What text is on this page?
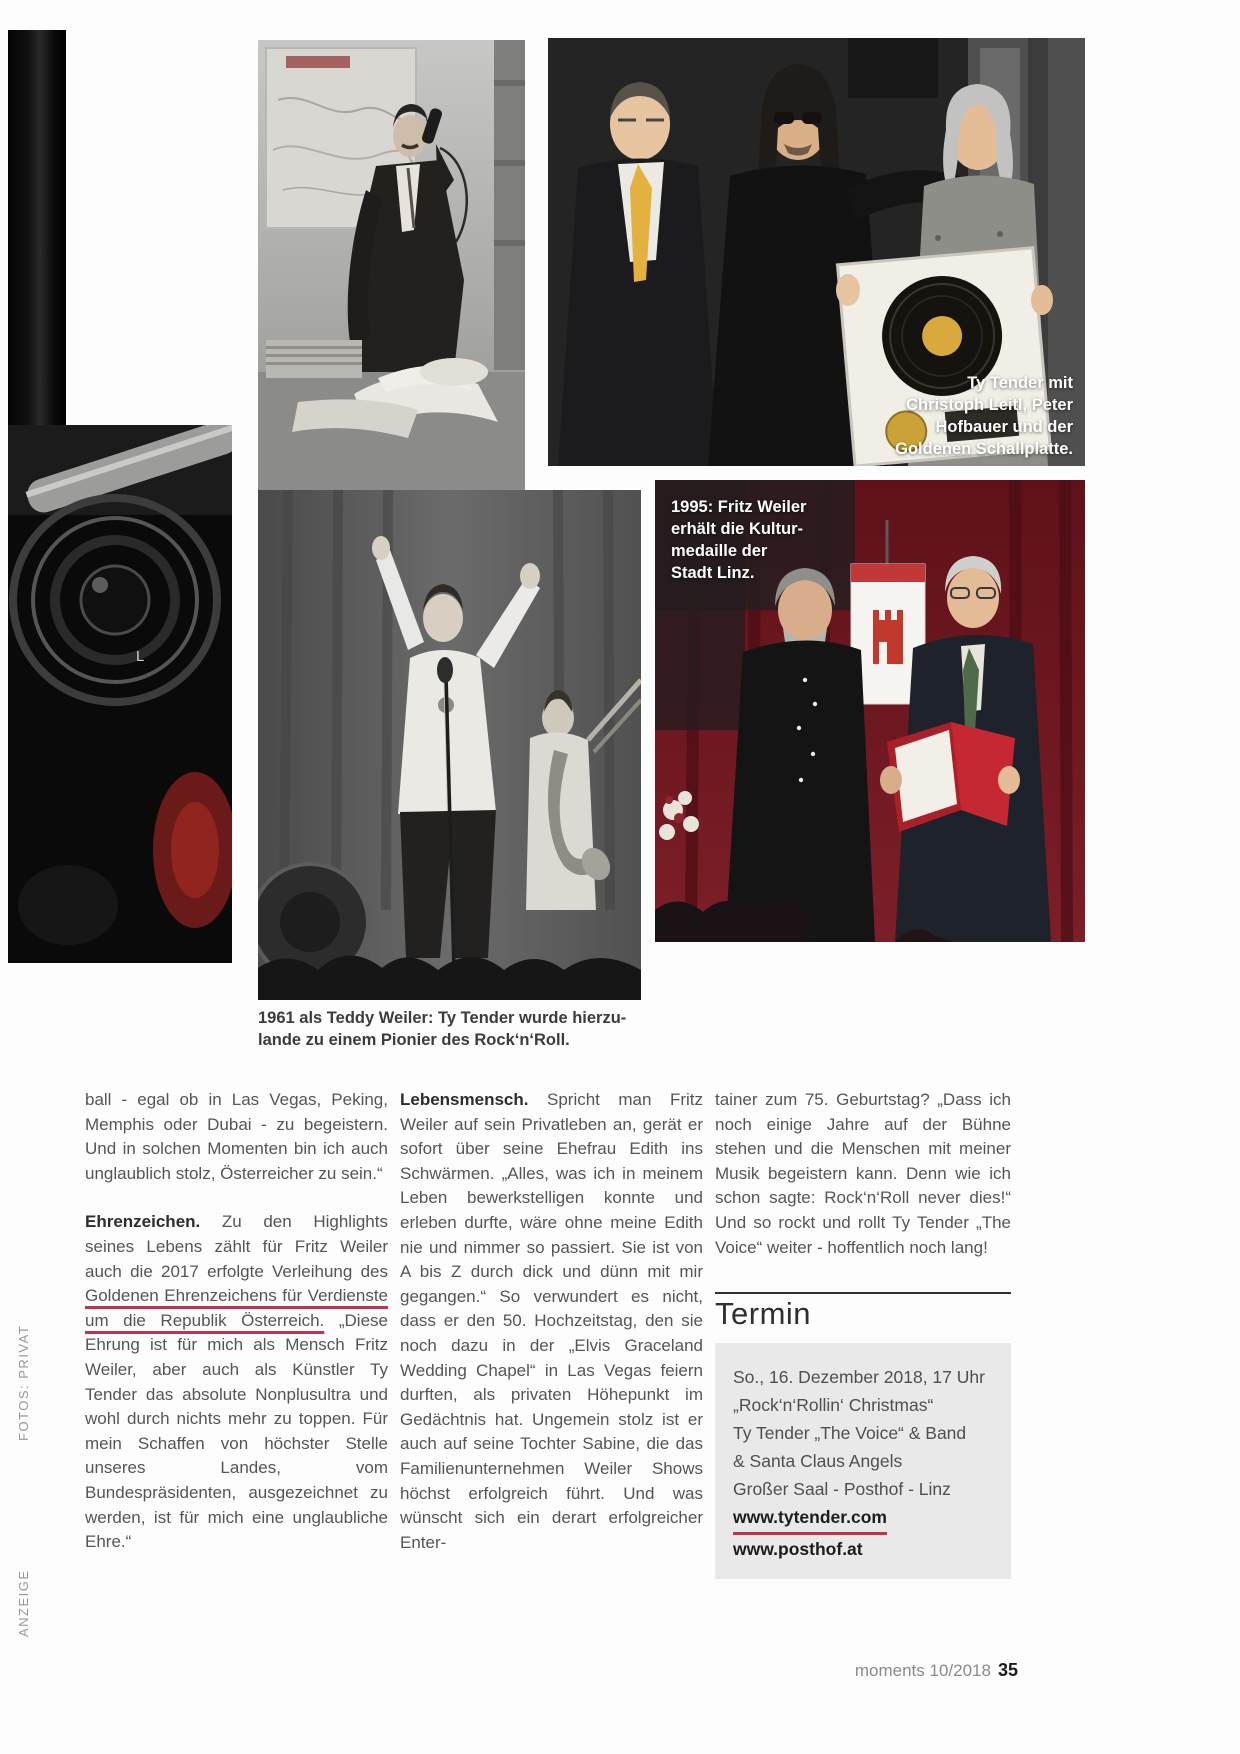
L
FOTOS: PRIVAT
ANZEIGE
Ty Tender mit
Christoph Leitl, Peter
Hofbauer und der
Goldenen Schallplatte.
1961 als Teddy Weiler: Ty Tender wurde hierzu-
lande zu einem Pionier des Rock‘n‘Roll.
1995: Fritz Weiler
erhält die Kultur-
medaille der
Stadt Linz.

ball - egal ob in Las Vegas, Peking, Memphis oder Dubai - zu begeistern. Und in solchen Momenten bin ich auch unglaublich stolz, Österreicher zu sein.“

Ehrenzeichen. Zu den Highlights seines Lebens zählt für Fritz Weiler auch die 2017 erfolgte Verleihung des Goldenen Ehrenzeichens für Verdienste um die Republik Österreich. „Diese Ehrung ist für mich als Mensch Fritz Weiler, aber auch als Künstler Ty Tender das absolute Nonplusultra und wohl durch nichts mehr zu toppen. Für mein Schaffen von höchster Stelle unseres Landes, vom Bundespräsidenten, ausgezeichnet zu werden, ist für mich eine unglaubliche Ehre.“

Lebensmensch. Spricht man Fritz Weiler auf sein Privatleben an, gerät er sofort über seine Ehefrau Edith ins Schwärmen. „Alles, was ich in meinem Leben bewerkstelligen konnte und erleben durfte, wäre ohne meine Edith nie und nimmer so passiert. Sie ist von A bis Z durch dick und dünn mit mir gegangen.“ So verwundert es nicht, dass er den 50. Hochzeitstag, den sie noch dazu in der „Elvis Graceland Wedding Chapel“ in Las Vegas feiern durften, als privaten Höhepunkt im Gedächtnis hat. Ungemein stolz ist er auch auf seine Tochter Sabine, die das Familienunternehmen Weiler Shows höchst erfolgreich führt. Und was wünscht sich ein derart erfolgreicher Enter-

tainer zum 75. Geburtstag? „Dass ich noch einige Jahre auf der Bühne stehen und die Menschen mit meiner Musik begeistern kann. Denn wie ich schon sagte: Rock‘n‘Roll never dies!“ Und so rockt und rollt Ty Tender „The Voice“ weiter - hoffentlich noch lang!

Termin
So., 16. Dezember 2018, 17 Uhr
„Rock‘n‘Rollin‘ Christmas“
Ty Tender „The Voice“ & Band
& Santa Claus Angels
Großer Saal - Posthof - Linz
www.tytender.com
www.posthof.at
moments 10/2018 35
